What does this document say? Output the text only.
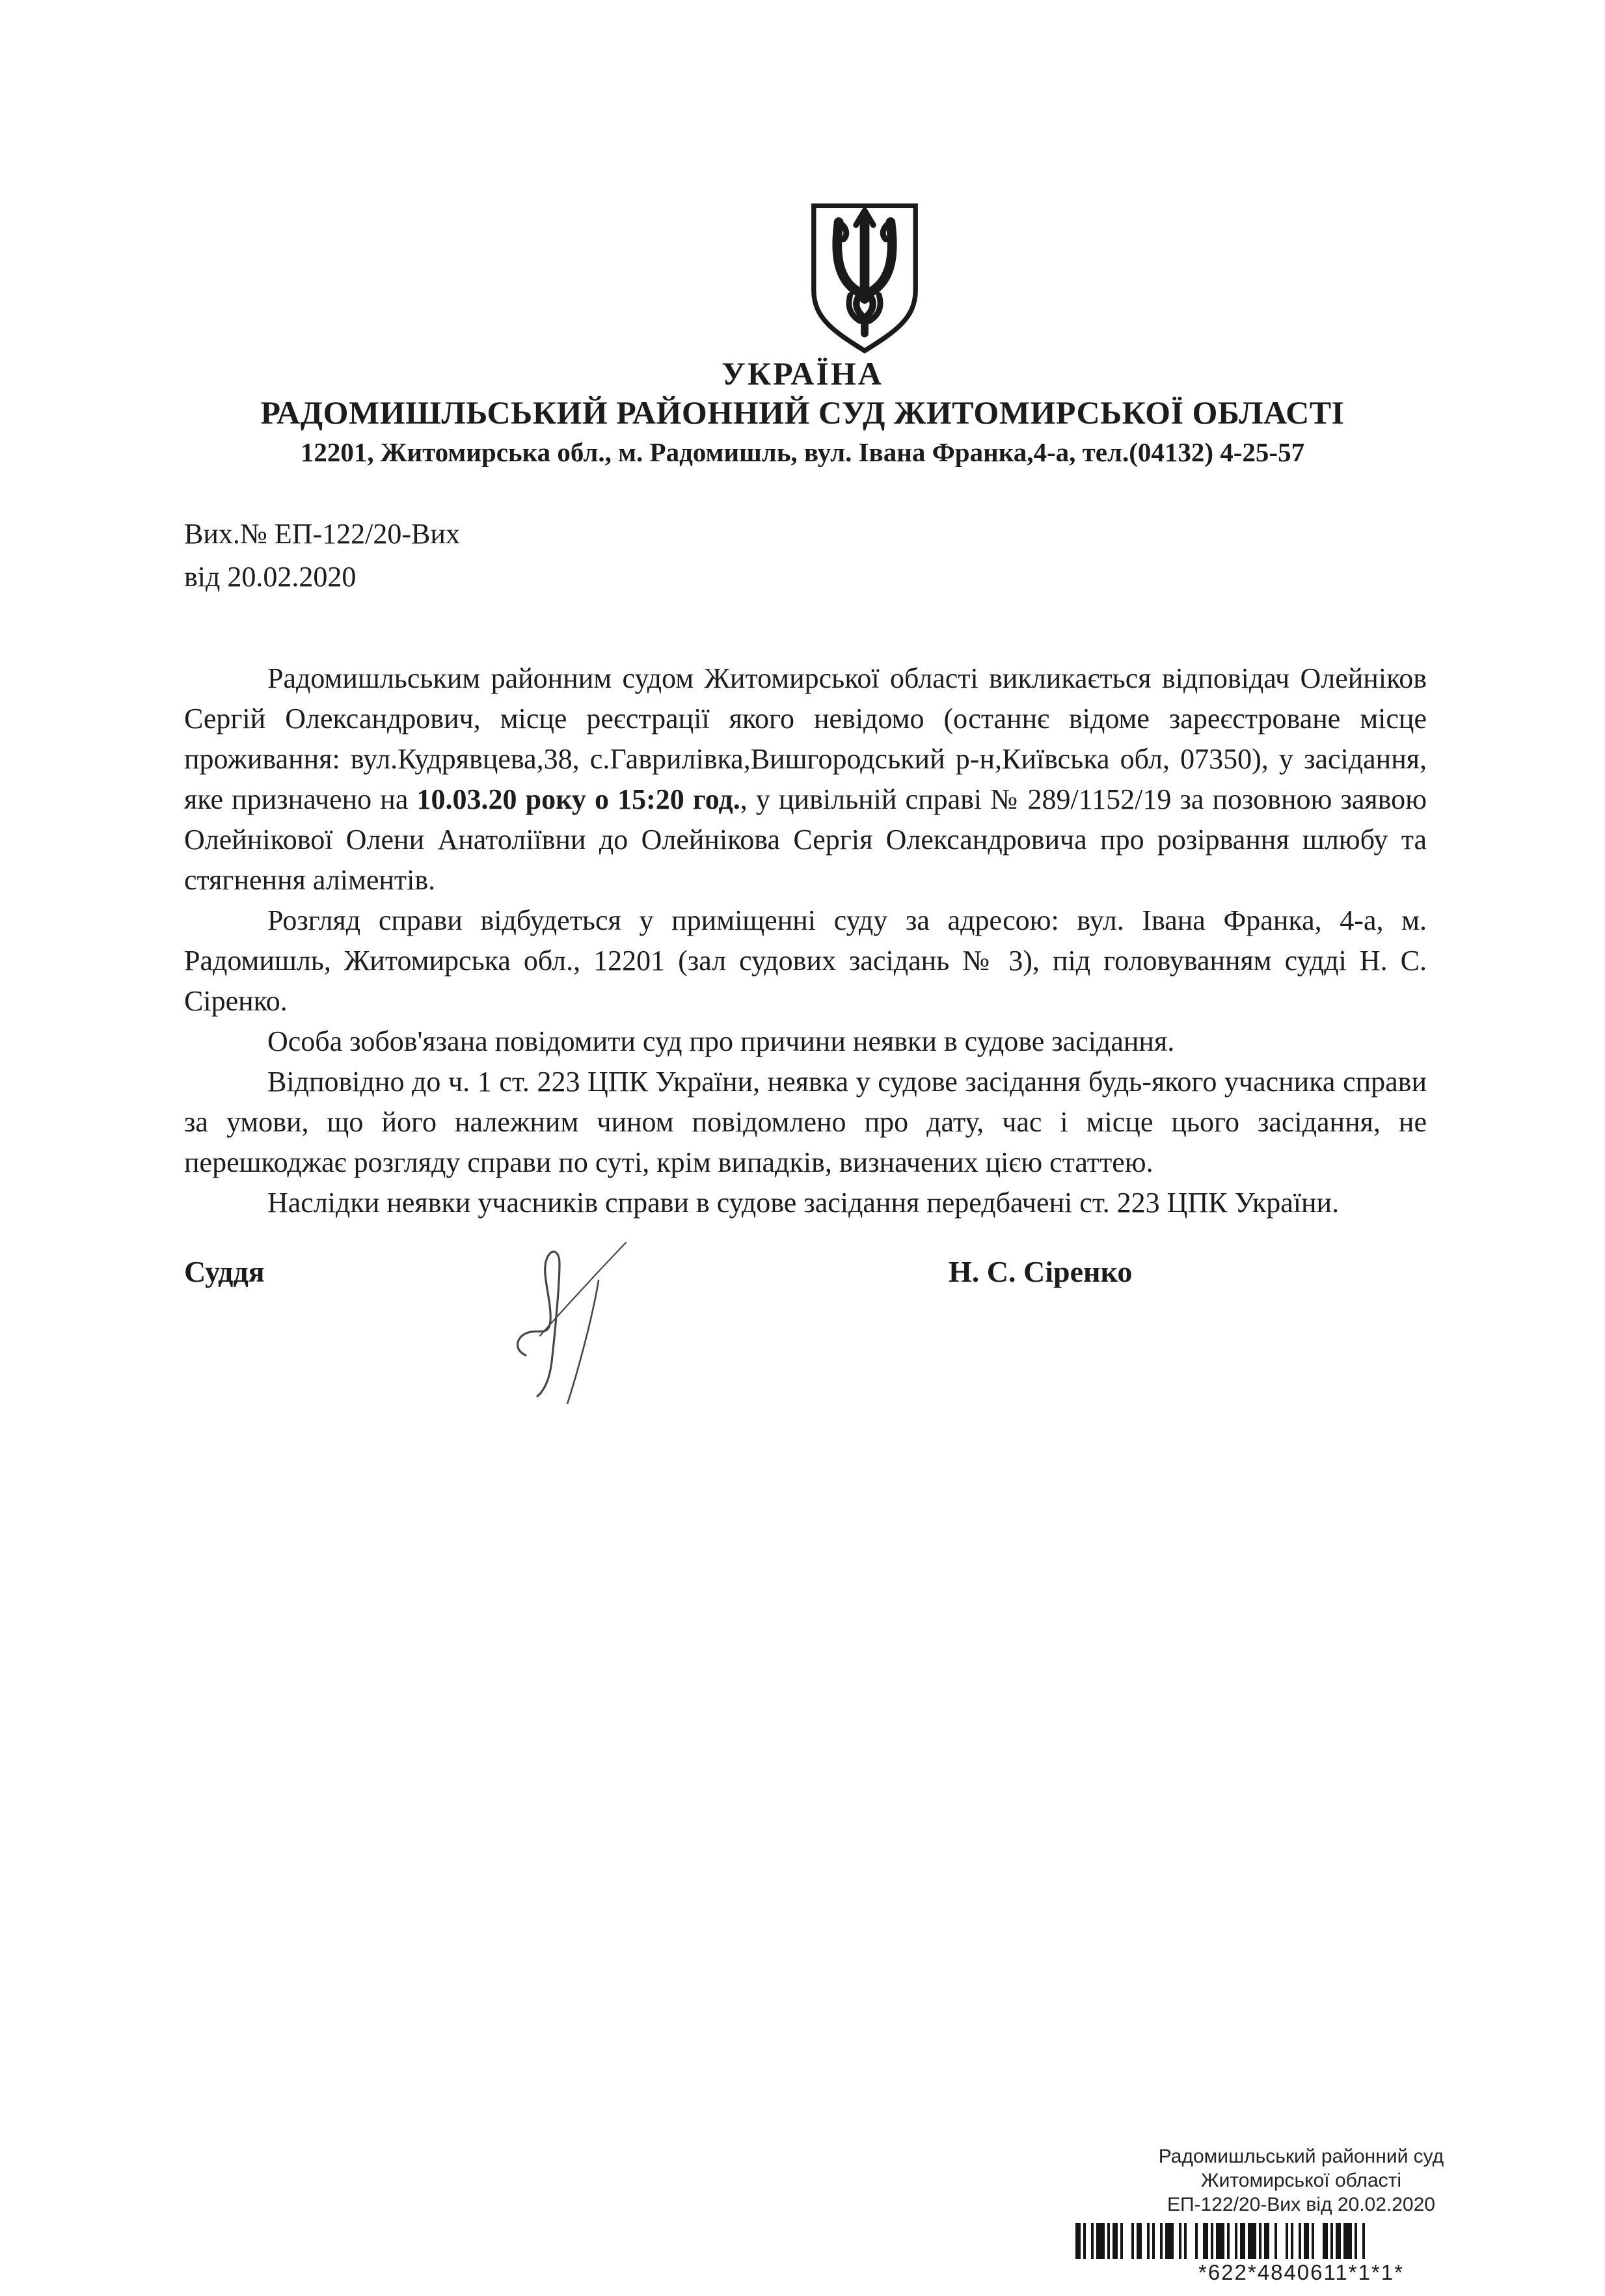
УКРАЇНА
РАДОМИШЛЬСЬКИЙ РАЙОННИЙ СУД ЖИТОМИРСЬКОЇ ОБЛАСТІ
12201, Житомирська обл., м. Радомишль, вул. Івана Франка,4-а, тел.(04132) 4-25-57
Вих.№ ЕП-122/20-Вих
від 20.02.2020

Радомишльським районним судом Житомирської області викликається відповідач Олейніков Сергій Олександрович, місце реєстрації якого невідомо (останнє відоме зареєстроване місце проживання: вул.Кудрявцева,38, с.Гаврилівка,Вишгородський р-н,Київська обл, 07350), у засідання, яке призначено на 10.03.20 року о 15:20 год., у цивільній справі № 289/1152/19 за позовною заявою Олейнікової Олени Анатоліївни до Олейнікова Сергія Олександровича про розірвання шлюбу та стягнення аліментів.

Розгляд справи відбудеться у приміщенні суду за адресою: вул. Івана Франка, 4-а, м. Радомишль, Житомирська обл., 12201 (зал судових засідань № 3), під головуванням судді Н. С. Сіренко.

Особа зобов'язана повідомити суд про причини неявки в судове засідання.

Відповідно до ч. 1 ст. 223 ЦПК України, неявка у судове засідання будь-якого учасника справи за умови, що його належним чином повідомлено про дату, час і місце цього засідання, не перешкоджає розгляду справи по суті, крім випадків, визначених цією статтею.

Наслідки неявки учасників справи в судове засідання передбачені ст. 223 ЦПК України.

Суддя	Н. С. Сіренко
Радомишльський районний суд
Житомирської області
ЕП-122/20-Вих від 20.02.2020
*622*4840611*1*1*
